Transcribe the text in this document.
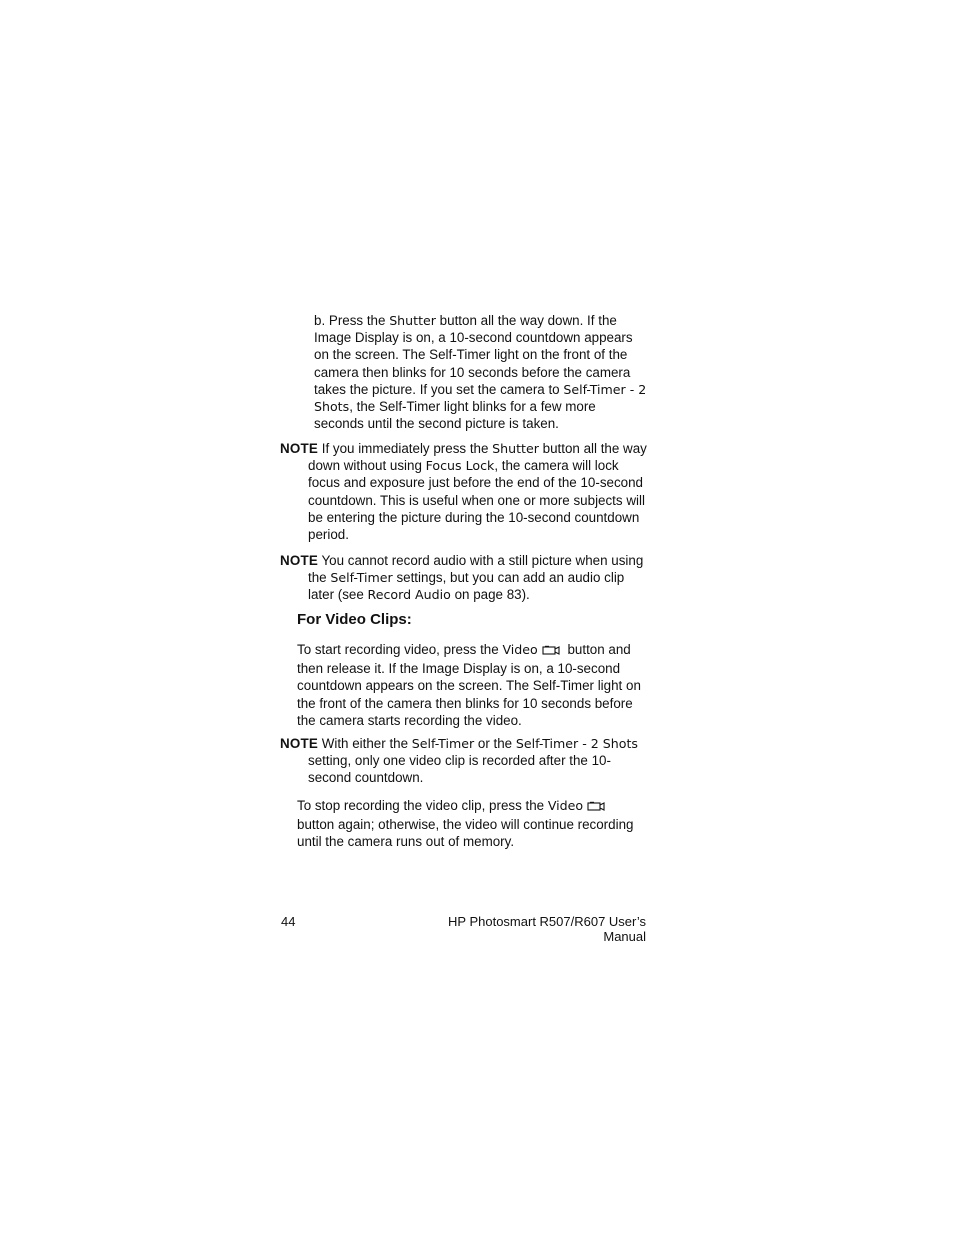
b. Press the Shutter button all the way down. If the Image Display is on, a 10-second countdown appears on the screen. The Self-Timer light on the front of the camera then blinks for 10 seconds before the camera takes the picture. If you set the camera to Self-Timer - 2 Shots, the Self-Timer light blinks for a few more seconds until the second picture is taken.
NOTE If you immediately press the Shutter button all the way down without using Focus Lock, the camera will lock focus and exposure just before the end of the 10-second countdown. This is useful when one or more subjects will be entering the picture during the 10-second countdown period.
NOTE You cannot record audio with a still picture when using the Self-Timer settings, but you can add an audio clip later (see Record Audio on page 83).
For Video Clips:
To start recording video, press the Video button and then release it. If the Image Display is on, a 10-second countdown appears on the screen. The Self-Timer light on the front of the camera then blinks for 10 seconds before the camera starts recording the video.
NOTE With either the Self-Timer or the Self-Timer - 2 Shots setting, only one video clip is recorded after the 10-second countdown.
To stop recording the video clip, press the Video button again; otherwise, the video will continue recording until the camera runs out of memory.
44	HP Photosmart R507/R607 User’s Manual
